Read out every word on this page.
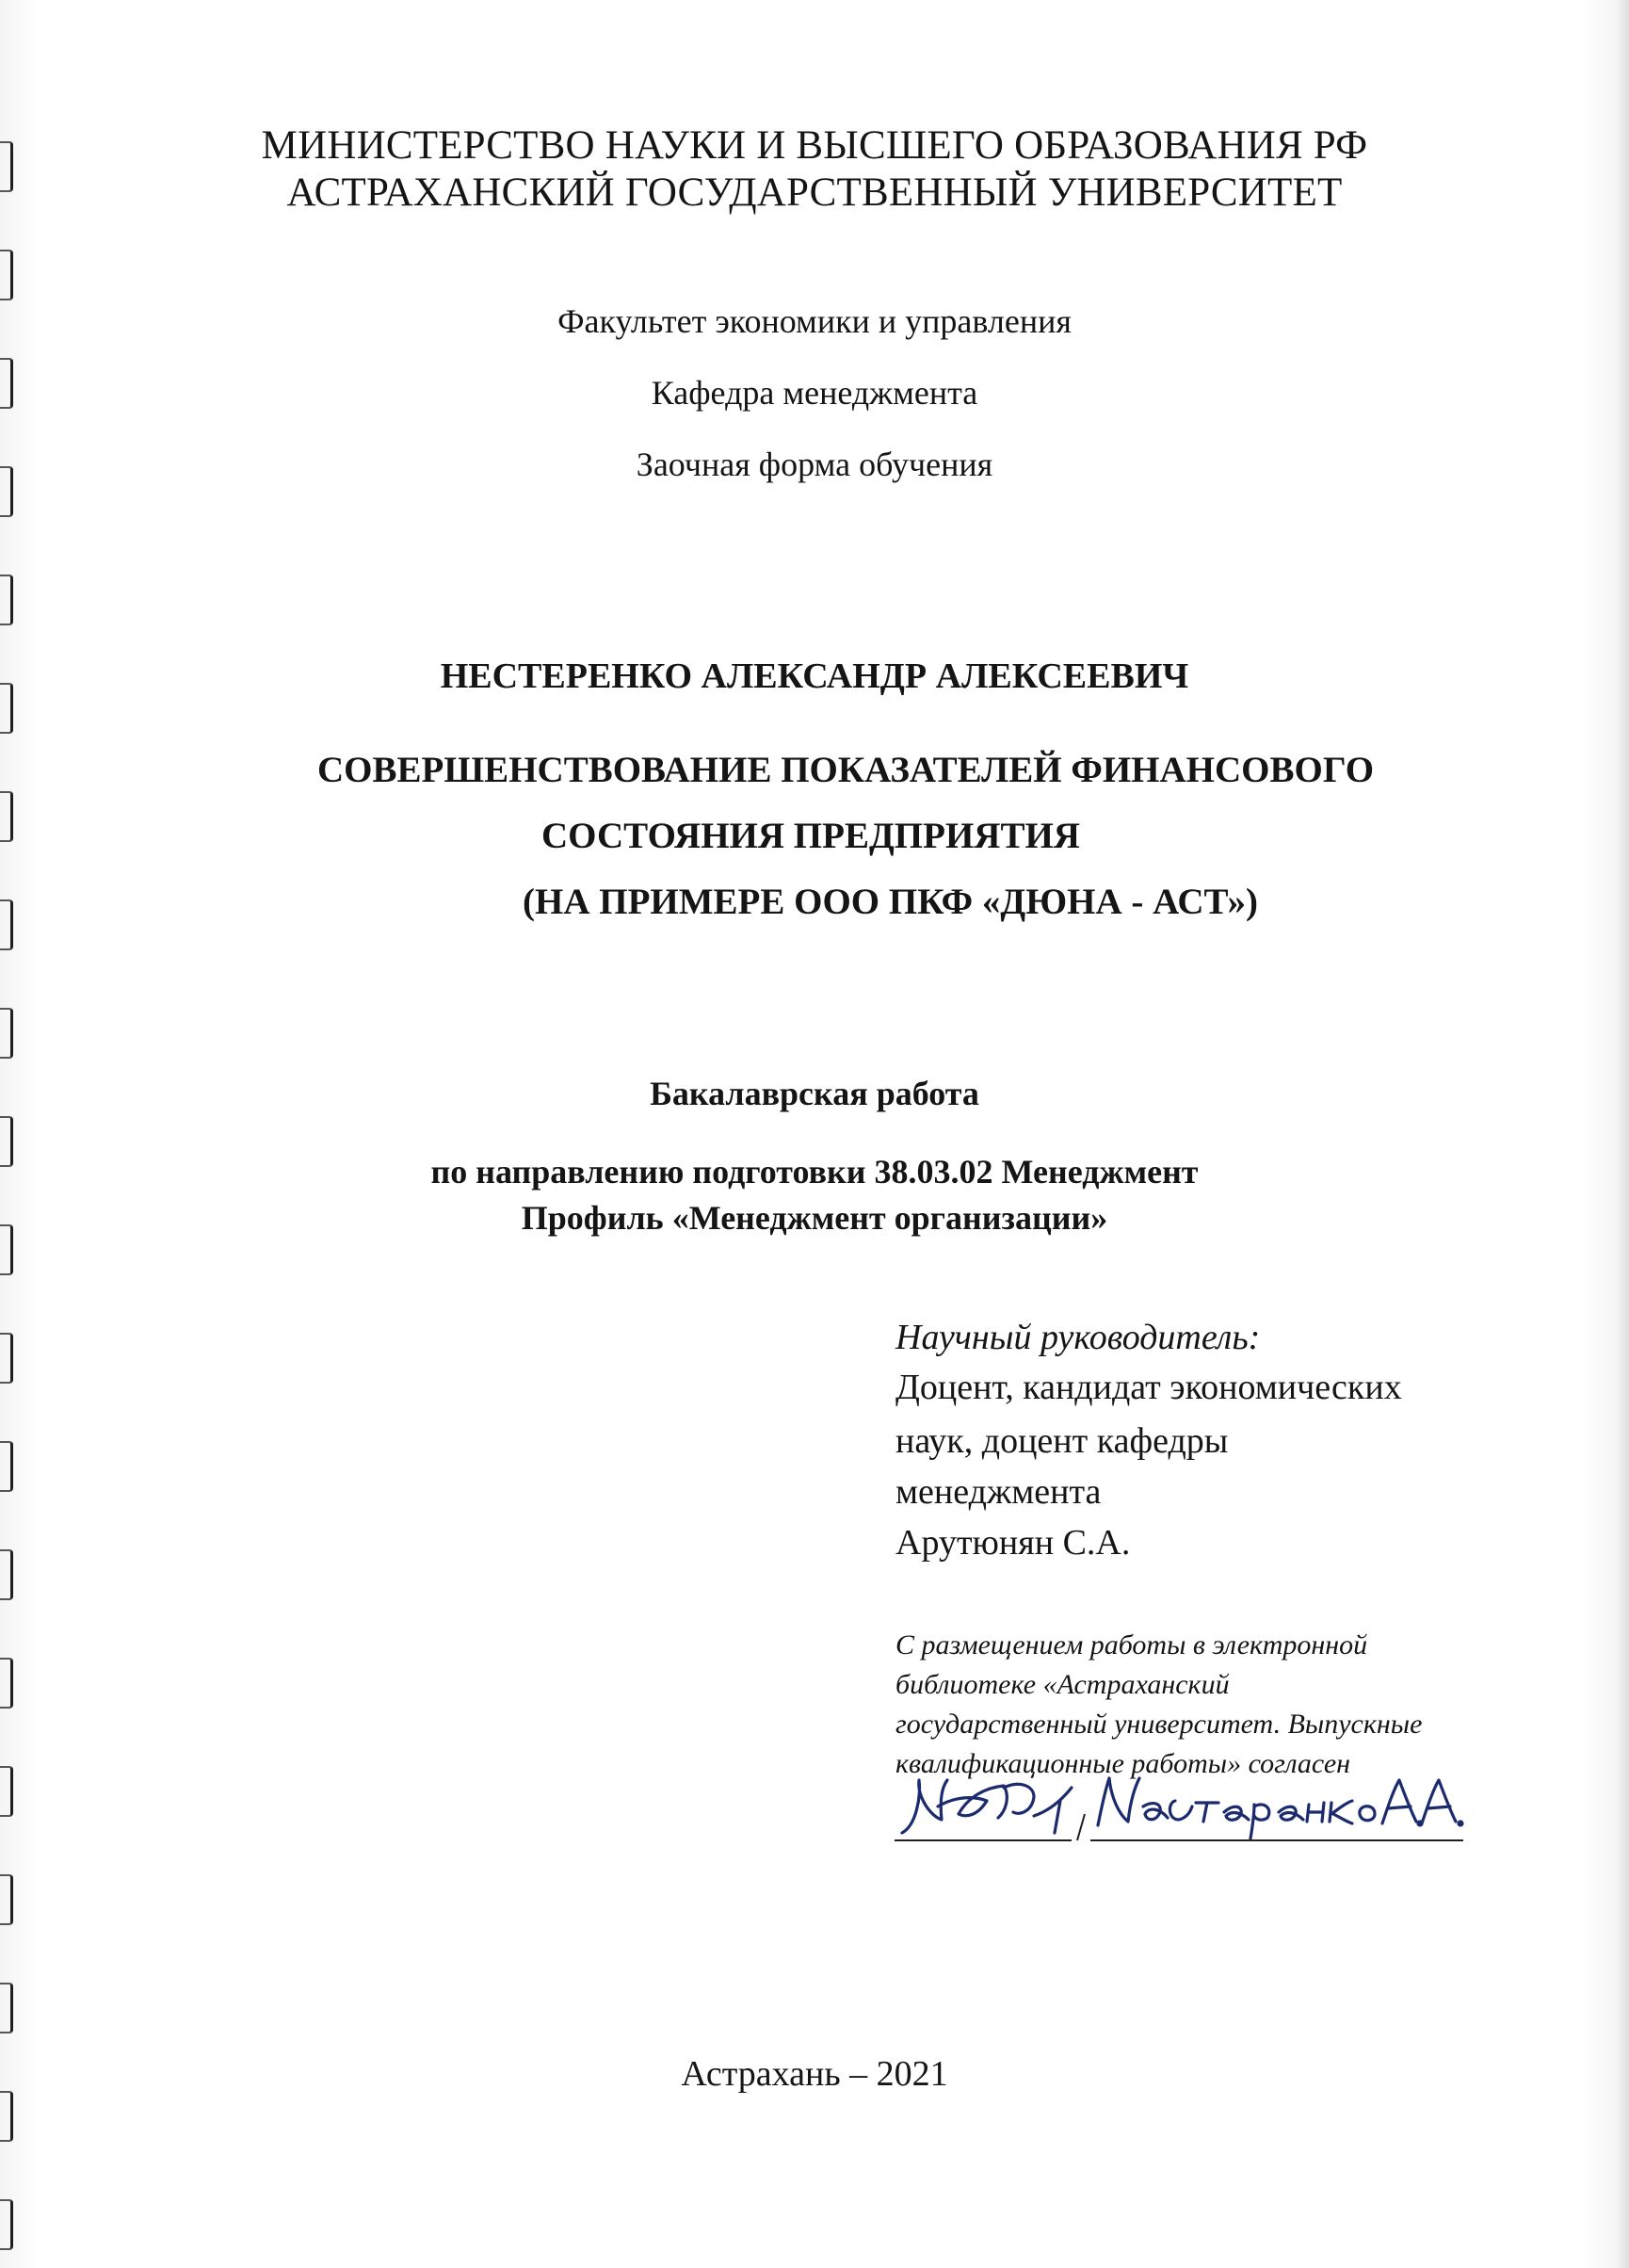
МИНИСТЕРСТВО НАУКИ И ВЫСШЕГО ОБРАЗОВАНИЯ РФ
АСТРАХАНСКИЙ ГОСУДАРСТВЕННЫЙ УНИВЕРСИТЕТ
Факультет экономики и управления
Кафедра менеджмента
Заочная форма обучения
НЕСТЕРЕНКО АЛЕКСАНДР АЛЕКСЕЕВИЧ
СОВЕРШЕНСТВОВАНИЕ ПОКАЗАТЕЛЕЙ ФИНАНСОВОГО
СОСТОЯНИЯ ПРЕДПРИЯТИЯ
(НА ПРИМЕРЕ ООО ПКФ «ДЮНА - АСТ»)
Бакалаврская работа
по направлению подготовки 38.03.02 Менеджмент
Профиль «Менеджмент организации»
Научный руководитель:
Доцент, кандидат экономических
наук, доцент кафедры
менеджмента
Арутюнян С.А.
С размещением работы в электронной
библиотеке «Астраханский
государственный университет. Выпускные
квалификационные работы» согласен
Астрахань – 2021
